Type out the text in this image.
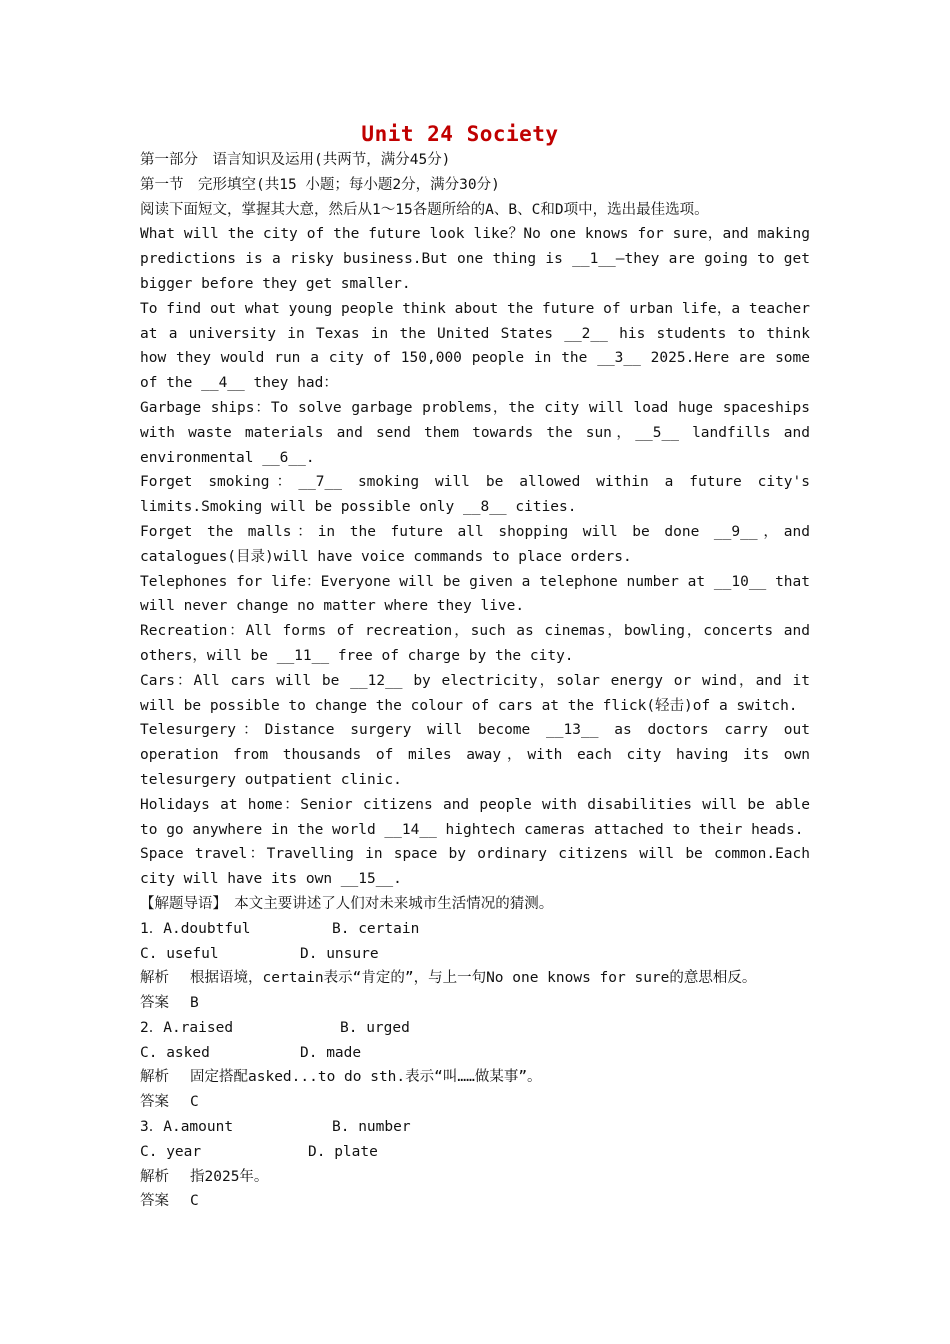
Unit 24 Society

第一部分　语言知识及运用(共两节，满分45分)

第一节　完形填空(共15 小题；每小题2分，满分30分)

阅读下面短文，掌握其大意，然后从1～15各题所给的A、B、C和D项中，选出最佳选项。

What will the city of the future look like？No one knows for sure，and making predictions is a risky business.But one thing is __1__—they are going to get bigger before they get smaller.

To find out what young people think about the future of urban life，a teacher at a university in Texas in the United States __2__ his students to think how they would run a city of 150,000 people in the __3__ 2025.Here are some of the __4__ they had：

Garbage ships：To solve garbage problems，the city will load huge spaceships with waste materials and send them towards the sun，__5__ landfills and environmental __6__.

Forget smoking：__7__ smoking will be allowed within a future city's limits.Smoking will be possible only __8__ cities.

Forget the malls：in the future all shopping will be done __9__，and catalogues(目录)will have voice commands to place orders.

Telephones for life：Everyone will be given a telephone number at __10__ that will never change no matter where they live.

Recreation：All forms of recreation，such as cinemas，bowling，concerts and others，will be __11__ free of charge by the city.

Cars：All cars will be __12__ by electricity，solar energy or wind，and it will be possible to change the colour of cars at the flick(轻击)of a switch.

Telesurgery：Distance surgery will become __13__ as doctors carry out operation from thousands of miles away，with each city having its own telesurgery outpatient clinic.

Holidays at home：Senior citizens and people with disabilities will be able to go anywhere in the world __14__ hightech cameras attached to their heads.

Space travel：Travelling in space by ordinary citizens will be common.Each city will have its own __15__.

【解题导语】　本文主要讲述了人们对未来城市生活情况的猜测。

1．A.doubtful	B. certain
C. useful	D. unsure

解析 根据语境，certain表示“肯定的”，与上一句No one knows for sure的意思相反。

答案 B

2．A.raised	B. urged
C. asked	D. made

解析 固定搭配asked...to do sth.表示“叫……做某事”。

答案 C

3．A.amount	B. number
C. year	D. plate

解析 指2025年。

答案 C
